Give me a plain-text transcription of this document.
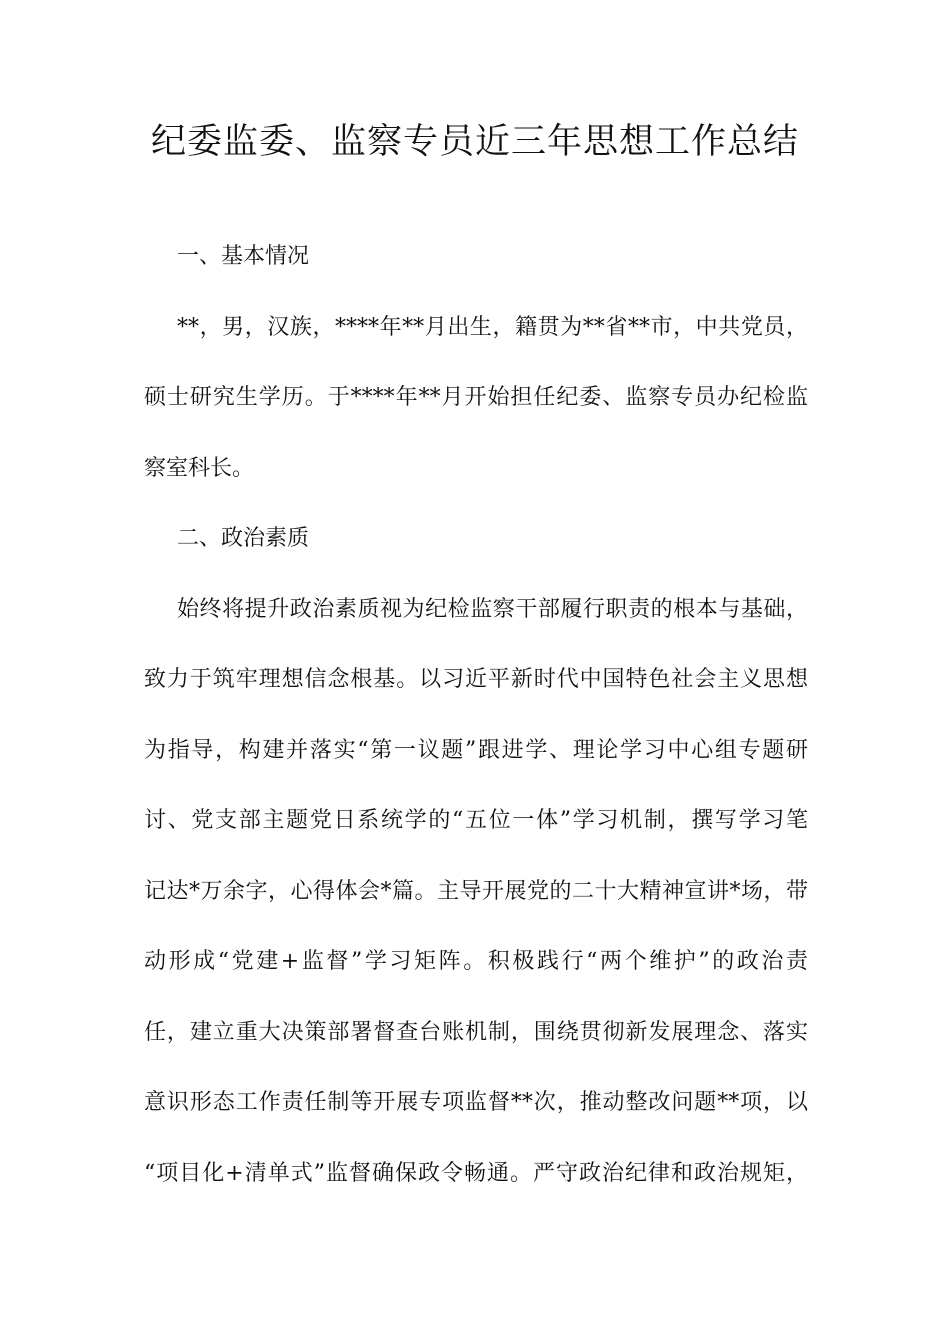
纪委监委、监察专员近三年思想工作总结

一、基本情况

**，男，汉族，****年**月出生，籍贯为**省**市，中共党员，
硕士研究生学历。于****年**月开始担任纪委、监察专员办纪检监
察室科长。

二、政治素质

始终将提升政治素质视为纪检监察干部履行职责的根本与基础，
致力于筑牢理想信念根基。以习近平新时代中国特色社会主义思想
为指导，构建并落实“第一议题”跟进学、理论学习中心组专题研
讨、党支部主题党日系统学的“五位一体”学习机制，撰写学习笔
记达*万余字，心得体会*篇。主导开展党的二十大精神宣讲*场，带
动形成“党建+监督”学习矩阵。积极践行“两个维护”的政治责
任，建立重大决策部署督查台账机制，围绕贯彻新发展理念、落实
意识形态工作责任制等开展专项监督**次，推动整改问题**项，以
“项目化+清单式”监督确保政令畅通。严守政治纪律和政治规矩，
